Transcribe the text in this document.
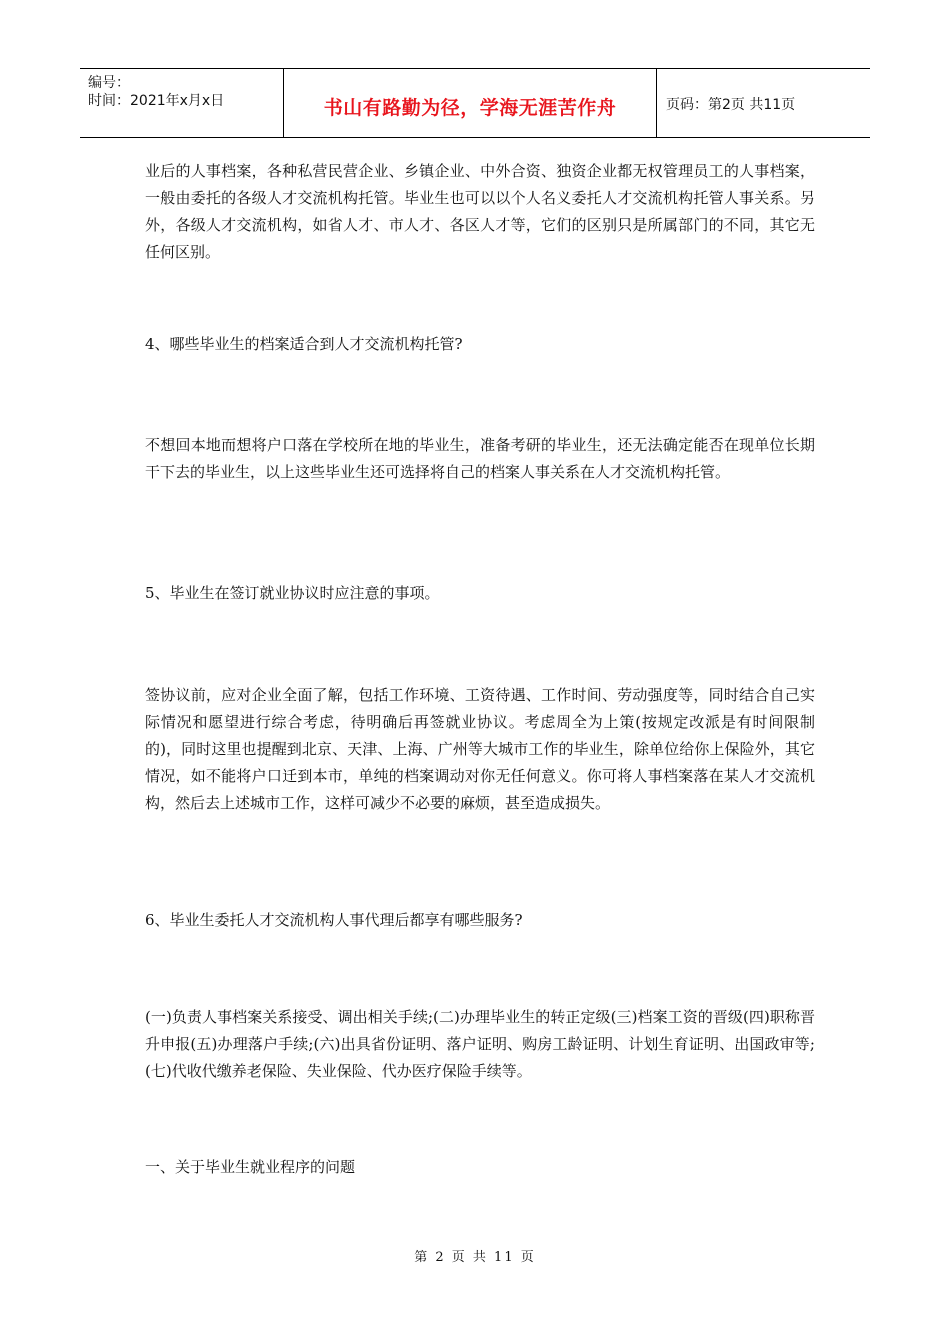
编号：
时间：2021年x月x日	书山有路勤为径，学海无涯苦作舟	页码：第2页 共11页
业后的人事档案，各种私营民营企业、乡镇企业、中外合资、独资企业都无权管理员工的人事档案，一般由委托的各级人才交流机构托管。毕业生也可以以个人名义委托人才交流机构托管人事关系。另外，各级人才交流机构，如省人才、市人才、各区人才等，它们的区别只是所属部门的不同，其它无任何区别。
4、哪些毕业生的档案适合到人才交流机构托管?
不想回本地而想将户口落在学校所在地的毕业生，准备考研的毕业生，还无法确定能否在现单位长期干下去的毕业生，以上这些毕业生还可选择将自己的档案人事关系在人才交流机构托管。
5、毕业生在签订就业协议时应注意的事项。
签协议前，应对企业全面了解，包括工作环境、工资待遇、工作时间、劳动强度等，同时结合自己实际情况和愿望进行综合考虑，待明确后再签就业协议。考虑周全为上策(按规定改派是有时间限制的)，同时这里也提醒到北京、天津、上海、广州等大城市工作的毕业生，除单位给你上保险外，其它情况，如不能将户口迁到本市，单纯的档案调动对你无任何意义。你可将人事档案落在某人才交流机构，然后去上述城市工作，这样可减少不必要的麻烦，甚至造成损失。
6、毕业生委托人才交流机构人事代理后都享有哪些服务?
(一)负责人事档案关系接受、调出相关手续;(二)办理毕业生的转正定级(三)档案工资的晋级(四)职称晋升申报(五)办理落户手续;(六)出具省份证明、落户证明、购房工龄证明、计划生育证明、出国政审等;(七)代收代缴养老保险、失业保险、代办医疗保险手续等。
一、关于毕业生就业程序的问题
第 2 页 共 11 页
